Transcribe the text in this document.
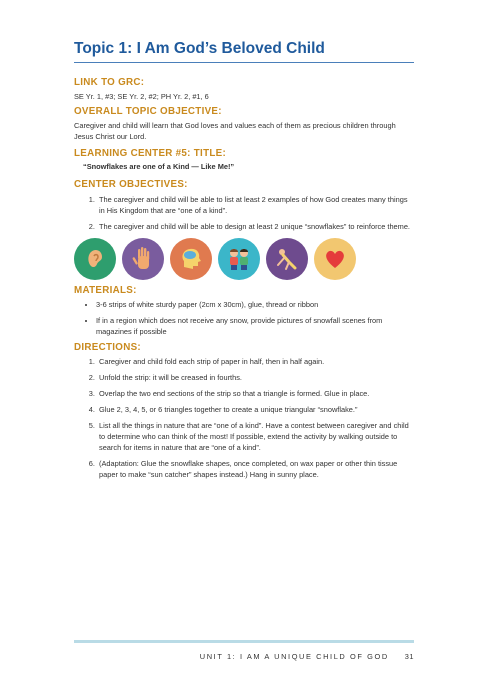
Topic 1: I Am God’s Beloved Child

LINK TO GRC:

SE Yr. 1, #3; SE Yr. 2, #2; PH Yr. 2, #1, 6

OVERALL TOPIC OBJECTIVE:

Caregiver and child will learn that God loves and values each of them as precious children through Jesus Christ our Lord.

LEARNING CENTER #5: TITLE:

“Snowflakes are one of a Kind — Like Me!”

CENTER OBJECTIVES:

1. The caregiver and child will be able to list at least 2 examples of how God creates many things in His Kingdom that are “one of a kind”.
2. The caregiver and child will be able to design at least 2 unique “snowflakes” to reinforce theme.

MATERIALS:

• 3-6 strips of white sturdy paper (2cm x 30cm), glue, thread or ribbon
• If in a region which does not receive any snow, provide pictures of snowfall scenes from magazines if possible

DIRECTIONS:

1. Caregiver and child fold each strip of paper in half, then in half again.
2. Unfold the strip: it will be creased in fourths.
3. Overlap the two end sections of the strip so that a triangle is formed. Glue in place.
4. Glue 2, 3, 4, 5, or 6 triangles together to create a unique triangular “snowflake.”
5. List all the things in nature that are “one of a kind”. Have a contest between caregiver and child to determine who can think of the most! If possible, extend the activity by walking outside to search for items in nature that are “one of a kind”.
6. (Adaptation: Glue the snowflake shapes, once completed, on wax paper or other thin tissue paper to make “sun catcher” shapes instead.) Hang in sunny place.
UNIT 1: I AM A UNIQUE CHILD OF GOD 31
